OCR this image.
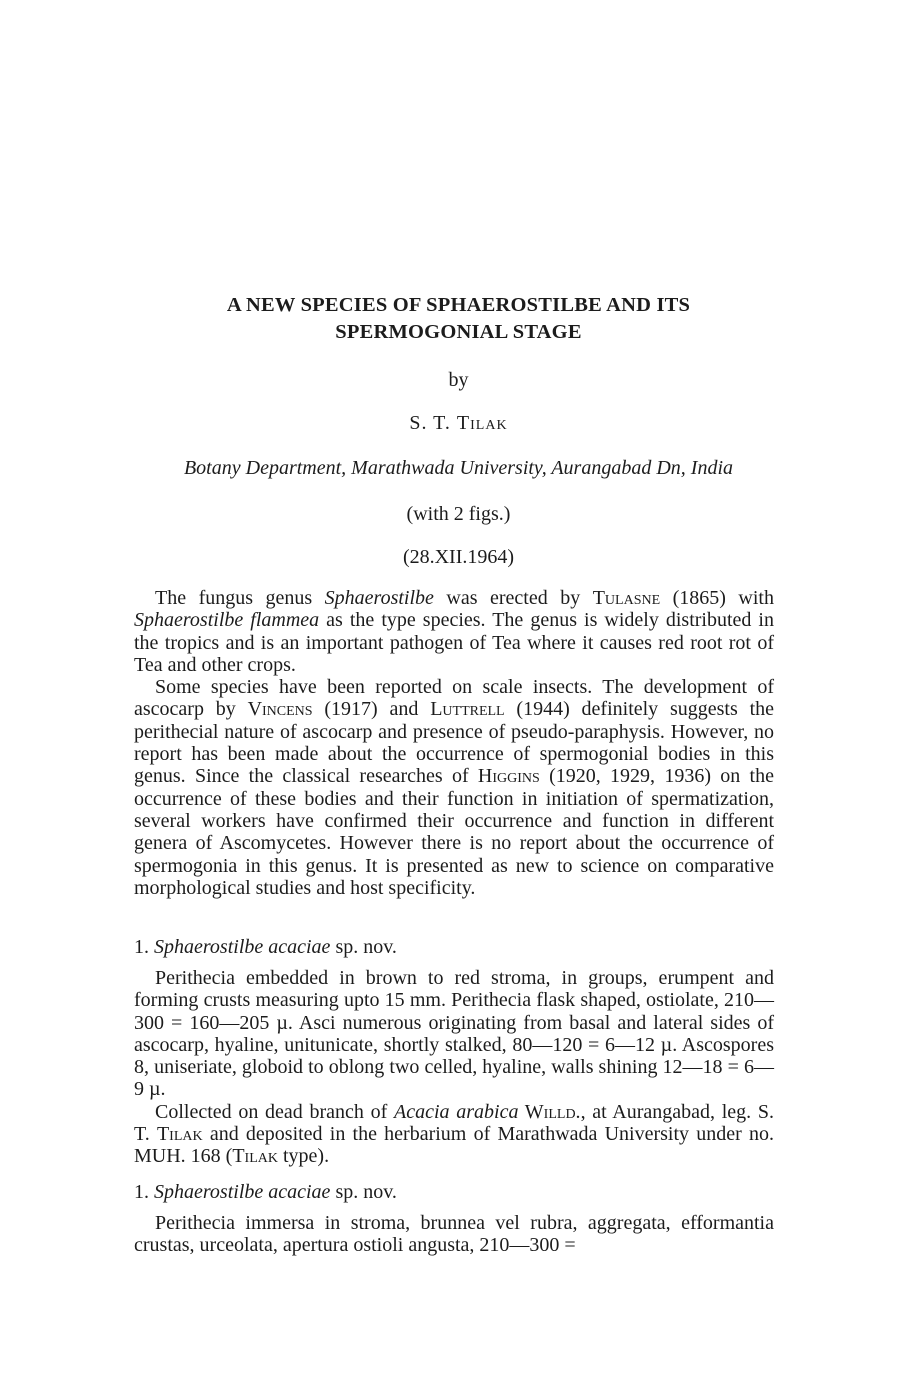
A NEW SPECIES OF SPHAEROSTILBE AND ITS
SPERMOGONIAL STAGE
by
S. T. Tilak
Botany Department, Marathwada University, Aurangabad Dn, India
(with 2 figs.)
(28.XII.1964)

The fungus genus Sphaerostilbe was erected by Tulasne (1865) with Sphaerostilbe flammea as the type species. The genus is widely distributed in the tropics and is an important pathogen of Tea where it causes red root rot of Tea and other crops.

Some species have been reported on scale insects. The development of ascocarp by Vincens (1917) and Luttrell (1944) definitely suggests the perithecial nature of ascocarp and presence of pseudo-paraphysis. However, no report has been made about the occurrence of spermogonial bodies in this genus. Since the classical researches of Higgins (1920, 1929, 1936) on the occurrence of these bodies and their function in initiation of spermatization, several workers have confirmed their occurrence and function in different genera of Ascomycetes. However there is no report about the occurrence of spermogonia in this genus. It is presented as new to science on comparative morphological studies and host specificity.

1. Sphaerostilbe acaciae sp. nov.

Perithecia embedded in brown to red stroma, in groups, erumpent and forming crusts measuring upto 15 mm. Perithecia flask shaped, ostiolate, 210—300 = 160—205 µ. Asci numerous originating from basal and lateral sides of ascocarp, hyaline, unitunicate, shortly stalked, 80—120 = 6—12 µ. Ascospores 8, uniseriate, globoid to oblong two celled, hyaline, walls shining 12—18 = 6—9 µ.

Collected on dead branch of Acacia arabica Willd., at Aurangabad, leg. S. T. Tilak and deposited in the herbarium of Marathwada University under no. MUH. 168 (Tilak type).

1. Sphaerostilbe acaciae sp. nov.

Perithecia immersa in stroma, brunnea vel rubra, aggregata, efformantia crustas, urceolata, apertura ostioli angusta, 210—300 =
